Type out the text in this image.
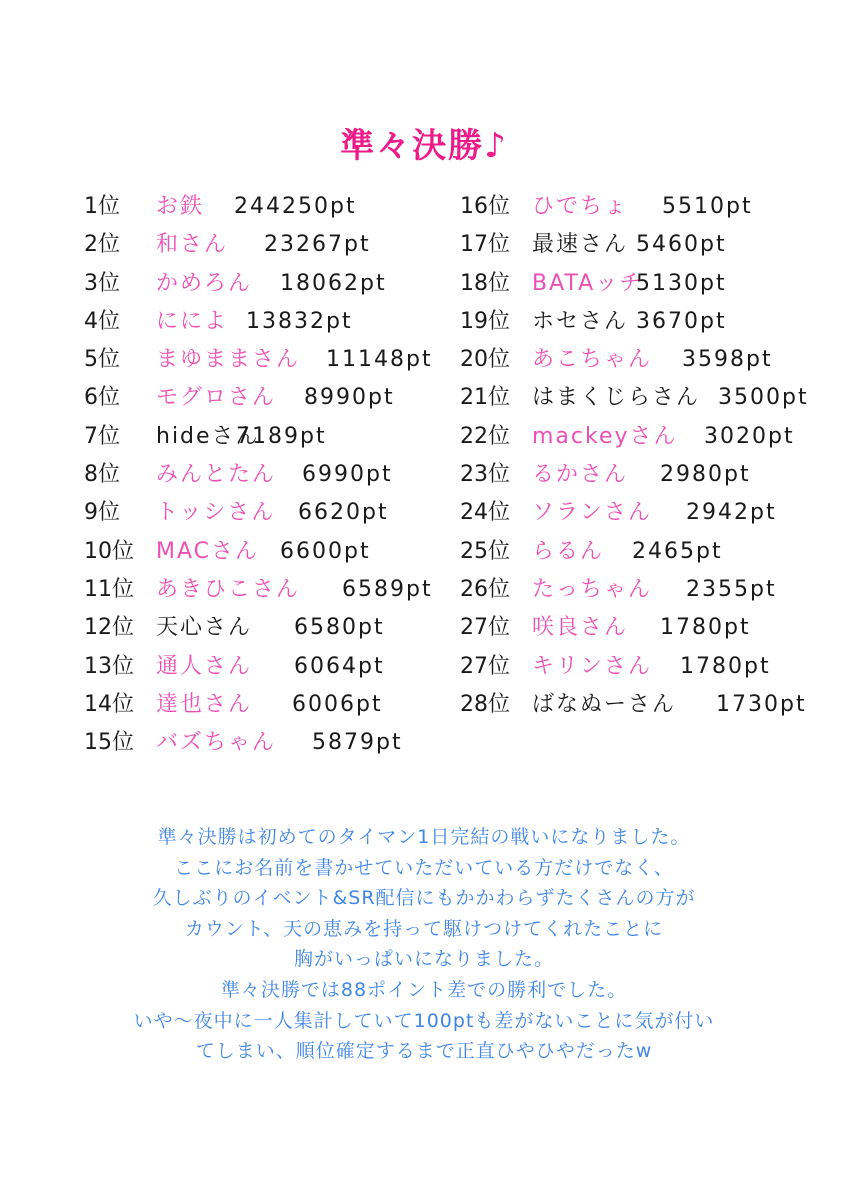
準々決勝♪
1位 お鉄 244250pt
2位 和さん 23267pt
3位 かめろん 18062pt
4位 にによ 13832pt
5位 まゆままさん 11148pt
6位 モグロさん 8990pt
7位 hideさん
7189pt
8位 みんとたん 6990pt
9位 トッシさん 6620pt
10位 MACさん 6600pt
11位 あきひこさん 6589pt
12位 天心さん 6580pt
13位 通人さん 6064pt
14位 達也さん 6006pt
15位 バズちゃん 5879pt
16位 ひでちょ 5510pt
17位 最速さん 5460pt
18位 BATAッチ
5130pt
19位 ホセさん 3670pt
20位 あこちゃん 3598pt
21位 はまくじらさん 3500pt
22位 mackeyさん 3020pt
23位 るかさん 2980pt
24位 ソランさん 2942pt
25位 らるん 2465pt
26位 たっちゃん 2355pt
27位 咲良さん 1780pt
27位 キリンさん 1780pt
28位 ばなぬーさん 1730pt
準々決勝は初めてのタイマン1日完結の戦いになりました。
ここにお名前を書かせていただいている方だけでなく、
久しぶりのイベント&SR配信にもかかわらずたくさんの方が
カウント、天の恵みを持って駆けつけてくれたことに
胸がいっぱいになりました。
準々決勝では88ポイント差での勝利でした。
いや〜夜中に一人集計していて100ptも差がないことに気が付い
てしまい、順位確定するまで正直ひやひやだったw
